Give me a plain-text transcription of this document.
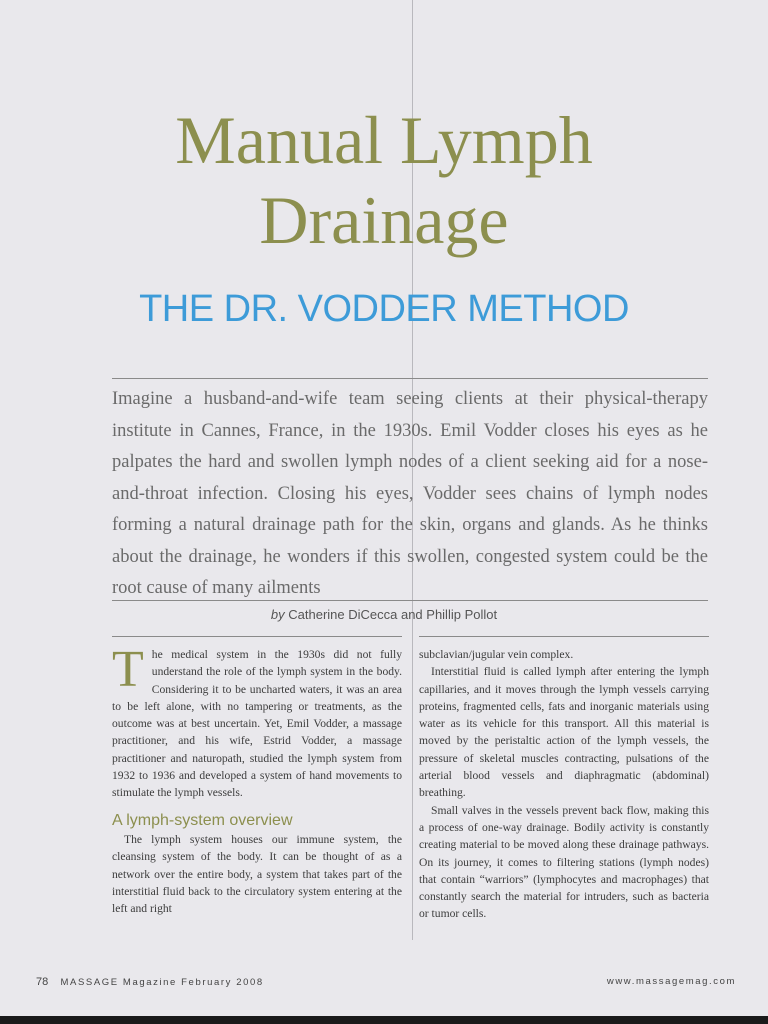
Manual Lymph
Drainage
THE DR. VODDER METHOD
Imagine a husband-and-wife team seeing clients at their physical-therapy institute in Cannes, France, in the 1930s. Emil Vodder closes his eyes as he palpates the hard and swollen lymph nodes of a client seeking aid for a nose-and-throat infection. Closing his eyes, Vodder sees chains of lymph nodes forming a natural drainage path for the skin, organs and glands. As he thinks about the drainage, he wonders if this swollen, congested system could be the root cause of many ailments
by Catherine DiCecca and Phillip Pollot

The medical system in the 1930s did not fully understand the role of the lymph system in the body. Considering it to be uncharted waters, it was an area to be left alone, with no tampering or treatments, as the outcome was at best uncertain. Yet, Emil Vodder, a massage practitioner, and his wife, Estrid Vodder, a massage practitioner and naturopath, studied the lymph system from 1932 to 1936 and developed a system of hand movements to stimulate the lymph vessels.

A lymph-system overview

The lymph system houses our immune system, the cleansing system of the body. It can be thought of as a network over the entire body, a system that takes part of the interstitial fluid back to the circulatory system entering at the left and right

subclavian/jugular vein complex.

Interstitial fluid is called lymph after entering the lymph capillaries, and it moves through the lymph vessels carrying proteins, fragmented cells, fats and inorganic materials using water as its vehicle for this transport. All this material is moved by the peristaltic action of the lymph vessels, the pressure of skeletal muscles contracting, pulsations of the arterial blood vessels and diaphragmatic (abdominal) breathing.

Small valves in the vessels prevent back flow, making this a process of one-way drainage. Bodily activity is constantly creating material to be moved along these drainage pathways. On its journey, it comes to filtering stations (lymph nodes) that contain “warriors” (lymphocytes and macrophages) that constantly search the material for intruders, such as bacteria or tumor cells.

78 MASSAGE Magazine February 2008	www.massagemag.com
